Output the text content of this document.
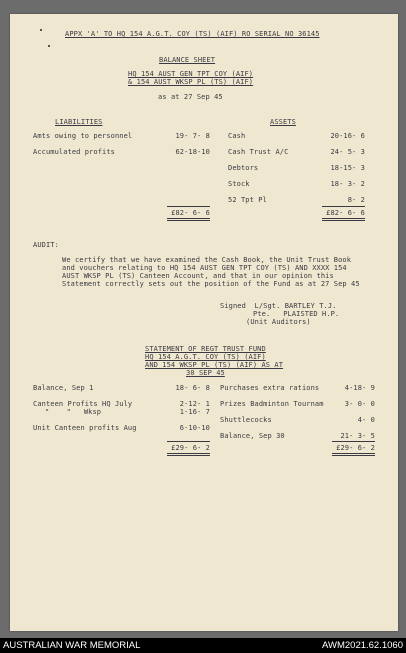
APPX 'A' TO HQ 154 A.G.T. COY (TS) (AIF) RO SERIAL NO 36145
BALANCE SHEET
HQ 154 AUST GEN TPT COY (AIF)
& 154 AUST WKSP PL (TS) (AIF)
as at 27 Sep 45
LIABILITIES	ASSETS
Amts owing to personnel	19- 7- 8
Accumulated profits	62-18-10
Cash	20-16- 6
Cash Trust A/C	24- 5- 3
Debtors	18-15- 3
Stock	18- 3- 2
52 Tpt Pl	8- 2
£82- 6- 6	£82- 6- 6
AUDIT:
We certify that we have examined the Cash Book, the Unit Trust Book
and vouchers relating to HQ 154 AUST GEN TPT COY (TS) AND XXXX 154
AUST WKSP PL (TS) Canteen Account, and that in our opinion this
Statement correctly sets out the position of the Fund as at 27 Sep 45
Signed  L/Sgt. BARTLEY T.J.
Pte.   PLAISTED H.P.
(Unit Auditors)
STATEMENT OF REGT TRUST FUND
HQ 154 A.G.T. COY (TS) (AIF)
AND 154 WKSP PL (TS) (AIF) AS AT
30 SEP 45
Balance, Sep 1	18- 6- 8
Canteen Profits HQ July	2-12- 1
"    "   Wksp	1-16- 7
Unit Canteen profits Aug	6-10-10
Purchases extra rations	4-18- 9
Prizes Badminton Tournam	3- 0- 0
Shuttlecocks	4- 0
Balance, Sep 30	21- 3- 5
£29- 6- 2	£29- 6- 2
AUSTRALIAN WAR MEMORIAL	AWM2021.62.1060
